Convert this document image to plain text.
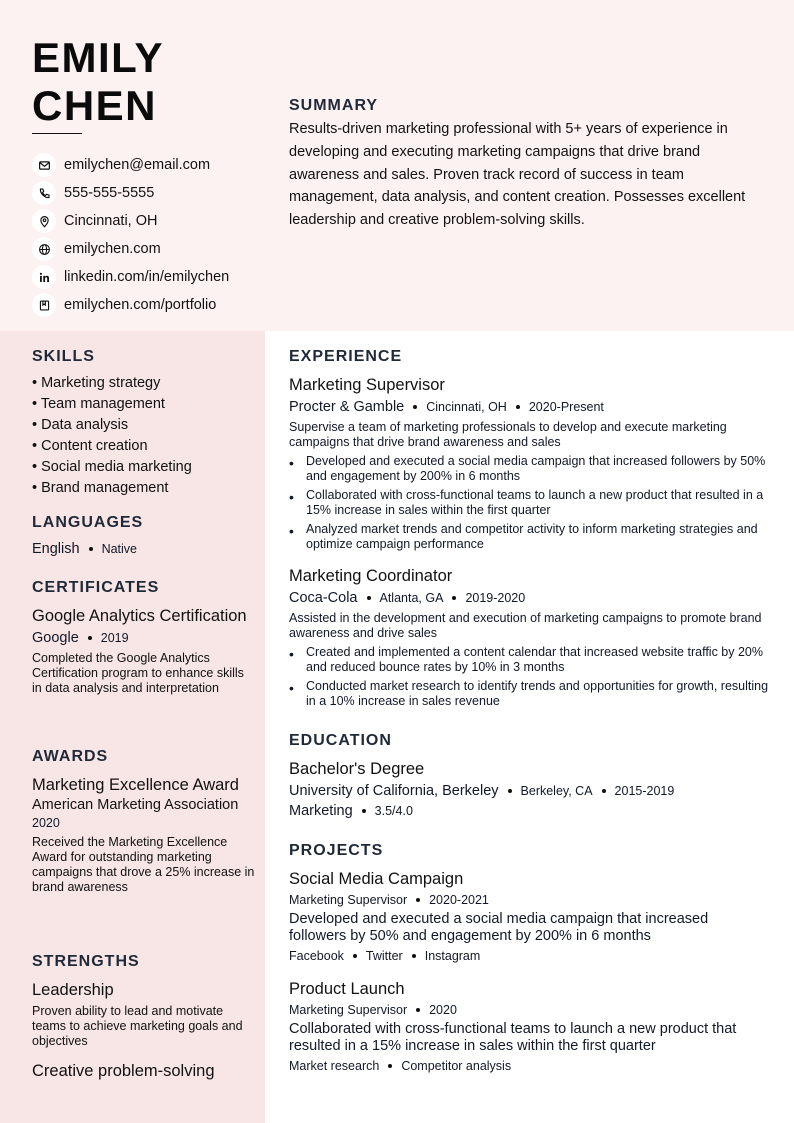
EMILY
CHEN
emilychen@email.com
555-555-5555
Cincinnati, OH
emilychen.com
linkedin.com/in/emilychen
emilychen.com/portfolio
SUMMARY
Results-driven marketing professional with 5+ years of experience in developing and executing marketing campaigns that drive brand awareness and sales. Proven track record of success in team management, data analysis, and content creation. Possesses excellent leadership and creative problem-solving skills.
SKILLS
• Marketing strategy
• Team management
• Data analysis
• Content creation
• Social media marketing
• Brand management
LANGUAGES
English Native
CERTIFICATES
Google Analytics Certification
Google 2019
Completed the Google Analytics Certification program to enhance skills in data analysis and interpretation
AWARDS
Marketing Excellence Award
American Marketing Association
2020
Received the Marketing Excellence Award for outstanding marketing campaigns that drove a 25% increase in brand awareness
STRENGTHS
Leadership
Proven ability to lead and motivate teams to achieve marketing goals and objectives
Creative problem-solving
EXPERIENCE
Marketing Supervisor
Procter & Gamble Cincinnati, OH 2020-Present
Supervise a team of marketing professionals to develop and execute marketing campaigns that drive brand awareness and sales
• Developed and executed a social media campaign that increased followers by 50% and engagement by 200% in 6 months
• Collaborated with cross-functional teams to launch a new product that resulted in a 15% increase in sales within the first quarter
• Analyzed market trends and competitor activity to inform marketing strategies and optimize campaign performance
Marketing Coordinator
Coca-Cola Atlanta, GA 2019-2020
Assisted in the development and execution of marketing campaigns to promote brand awareness and drive sales
• Created and implemented a content calendar that increased website traffic by 20% and reduced bounce rates by 10% in 3 months
• Conducted market research to identify trends and opportunities for growth, resulting in a 10% increase in sales revenue
EDUCATION
Bachelor's Degree
University of California, Berkeley Berkeley, CA 2015-2019
Marketing 3.5/4.0
PROJECTS
Social Media Campaign
Marketing Supervisor 2020-2021
Developed and executed a social media campaign that increased followers by 50% and engagement by 200% in 6 months
Facebook Twitter Instagram
Product Launch
Marketing Supervisor 2020
Collaborated with cross-functional teams to launch a new product that resulted in a 15% increase in sales within the first quarter
Market research Competitor analysis
